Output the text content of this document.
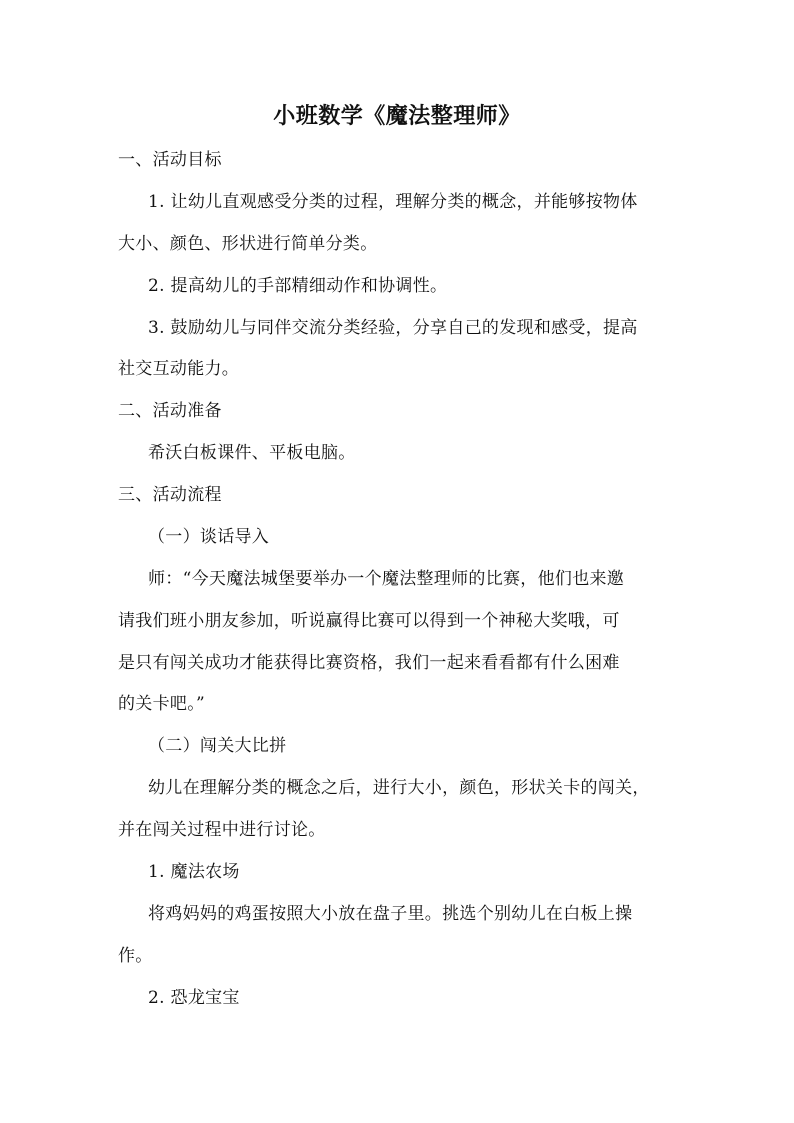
小班数学《魔法整理师》
一、活动目标
1. 让幼儿直观感受分类的过程，理解分类的概念，并能够按物体
大小、颜色、形状进行简单分类。
2. 提高幼儿的手部精细动作和协调性。
3. 鼓励幼儿与同伴交流分类经验，分享自己的发现和感受，提高
社交互动能力。
二、活动准备
希沃白板课件、平板电脑。
三、活动流程
（一）谈话导入
师：“今天魔法城堡要举办一个魔法整理师的比赛，他们也来邀
请我们班小朋友参加，听说赢得比赛可以得到一个神秘大奖哦，可
是只有闯关成功才能获得比赛资格，我们一起来看看都有什么困难
的关卡吧。”
（二）闯关大比拼
幼儿在理解分类的概念之后，进行大小，颜色，形状关卡的闯关，
并在闯关过程中进行讨论。
1. 魔法农场
将鸡妈妈的鸡蛋按照大小放在盘子里。挑选个别幼儿在白板上操
作。
2. 恐龙宝宝
